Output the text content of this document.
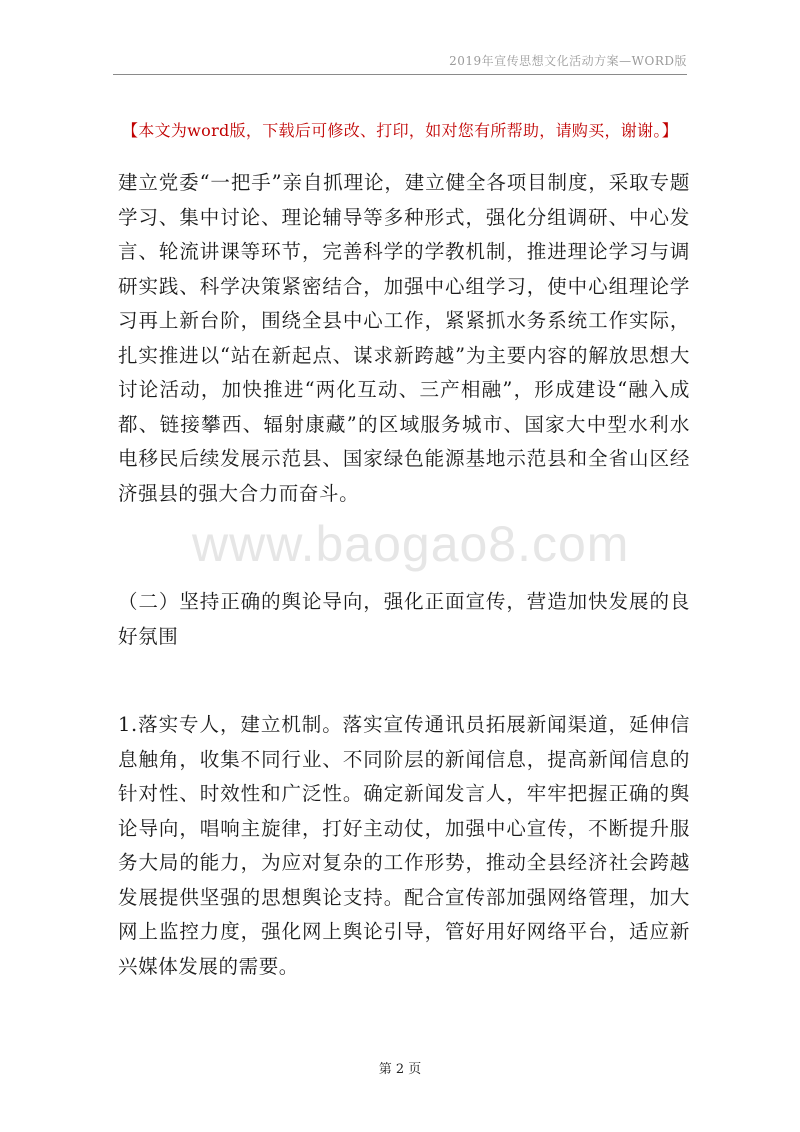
2019年宣传思想文化活动方案—WORD版
【本文为word版，下载后可修改、打印，如对您有所帮助，请购买，谢谢。】

建立党委“一把手”亲自抓理论，建立健全各项目制度，采取专题学习、集中讨论、理论辅导等多种形式，强化分组调研、中心发言、轮流讲课等环节，完善科学的学教机制，推进理论学习与调研实践、科学决策紧密结合，加强中心组学习，使中心组理论学习再上新台阶，围绕全县中心工作，紧紧抓水务系统工作实际，扎实推进以“站在新起点、谋求新跨越”为主要内容的解放思想大讨论活动，加快推进“两化互动、三产相融”，形成建设“融入成都、链接攀西、辐射康藏”的区域服务城市、国家大中型水利水电移民后续发展示范县、国家绿色能源基地示范县和全省山区经济强县的强大合力而奋斗。

www.baogao8.com

（二）坚持正确的舆论导向，强化正面宣传，营造加快发展的良好氛围

1.落实专人，建立机制。落实宣传通讯员拓展新闻渠道，延伸信息触角，收集不同行业、不同阶层的新闻信息，提高新闻信息的针对性、时效性和广泛性。确定新闻发言人，牢牢把握正确的舆论导向，唱响主旋律，打好主动仗，加强中心宣传，不断提升服务大局的能力，为应对复杂的工作形势，推动全县经济社会跨越发展提供坚强的思想舆论支持。配合宣传部加强网络管理，加大网上监控力度，强化网上舆论引导，管好用好网络平台，适应新兴媒体发展的需要。

第 2 页
